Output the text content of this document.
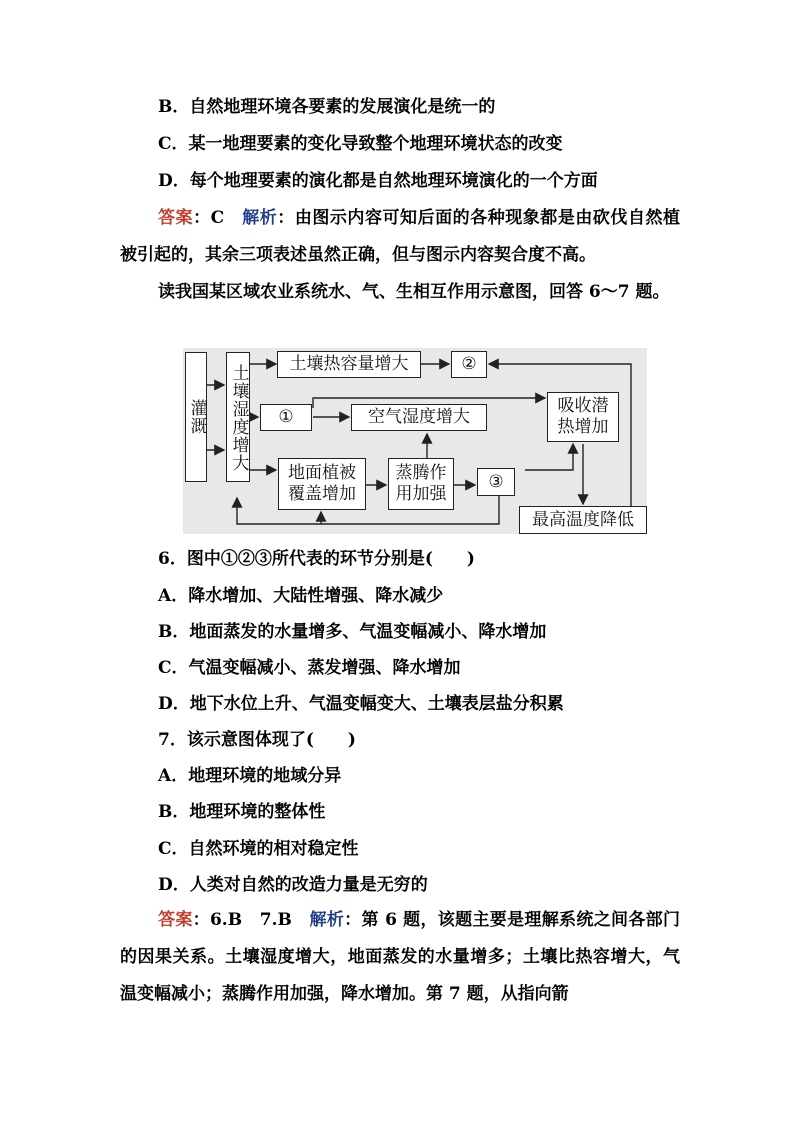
B．自然地理环境各要素的发展演化是统一的
C．某一地理要素的变化导致整个地理环境状态的改变
D．每个地理要素的演化都是自然地理环境演化的一个方面
答案：C　解析：由图示内容可知后面的各种现象都是由砍伐自然植被引起的，其余三项表述虽然正确，但与图示内容契合度不高。
读我国某区域农业系统水、气、生相互作用示意图，回答 6～7 题。
灌溉 土壤湿度增大	土壤热容量增大	②
①	空气湿度增大
吸收潜热增加
地面植被覆盖增加
蒸腾作用加强
③
最高温度降低
6．图中①②③所代表的环节分别是(　　)
A．降水增加、大陆性增强、降水减少
B．地面蒸发的水量增多、气温变幅减小、降水增加
C．气温变幅减小、蒸发增强、降水增加
D．地下水位上升、气温变幅变大、土壤表层盐分积累
7．该示意图体现了(　　)
A．地理环境的地域分异
B．地理环境的整体性
C．自然环境的相对稳定性
D．人类对自然的改造力量是无穷的
答案：6.B　7.B　解析：第 6 题，该题主要是理解系统之间各部门的因果关系。土壤湿度增大，地面蒸发的水量增多；土壤比热容增大，气温变幅减小；蒸腾作用加强，降水增加。第 7 题，从指向箭
